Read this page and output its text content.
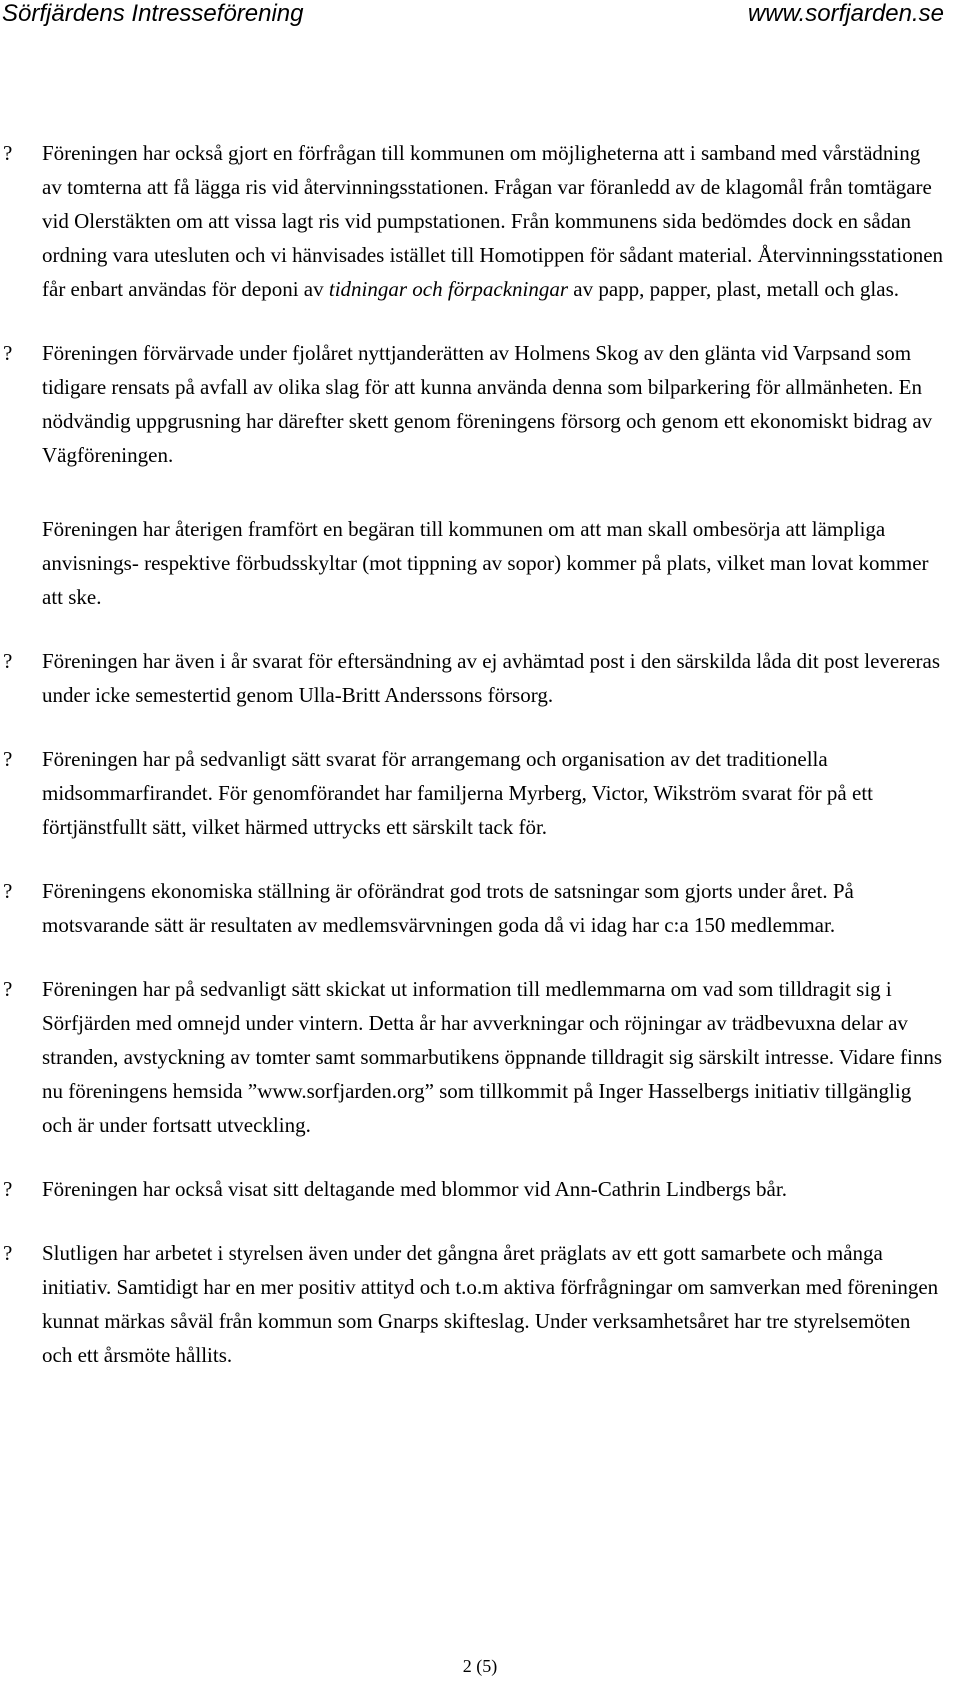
Sörfjärdens Intresseförening	www.sorfjarden.se
? Föreningen har också gjort en förfrågan till kommunen om möjligheterna att i samband med vårstädning av tomterna att få lägga ris vid återvinningsstationen. Frågan var föranledd av de klagomål från tomtägare vid Olerstäkten om att vissa lagt ris vid pumpstationen. Från kommunens sida bedömdes dock en sådan ordning vara utesluten och vi hänvisades istället till Homotippen för sådant material. Återvinningsstationen får enbart användas för deponi av tidningar och förpackningar av papp, papper, plast, metall och glas.

? Föreningen förvärvade under fjolåret nyttjanderätten av Holmens Skog av den glänta vid Varpsand som tidigare rensats på avfall av olika slag för att kunna använda denna som bilparkering för allmänheten. En nödvändig uppgrusning har därefter skett genom föreningens försorg och genom ett ekonomiskt bidrag av Vägföreningen.

Föreningen har återigen framfört en begäran till kommunen om att man skall ombesörja att lämpliga anvisnings- respektive förbudsskyltar (mot tippning av sopor) kommer på plats, vilket man lovat kommer att ske.

? Föreningen har även i år svarat för eftersändning av ej avhämtad post i den särskilda låda dit post levereras under icke semestertid genom Ulla-Britt Anderssons försorg.

? Föreningen har på sedvanligt sätt svarat för arrangemang och organisation av det traditionella midsommarfirandet. För genomförandet har familjerna Myrberg, Victor, Wikström svarat för på ett förtjänstfullt sätt, vilket härmed uttrycks ett särskilt tack för.

? Föreningens ekonomiska ställning är oförändrat god trots de satsningar som gjorts under året. På motsvarande sätt är resultaten av medlemsvärvningen goda då vi idag har c:a 150 medlemmar.

? Föreningen har på sedvanligt sätt skickat ut information till medlemmarna om vad som tilldragit sig i Sörfjärden med omnejd under vintern. Detta år har avverkningar och röjningar av trädbevuxna delar av stranden, avstyckning av tomter samt sommarbutikens öppnande tilldragit sig särskilt intresse. Vidare finns nu föreningens hemsida ”www.sorfjarden.org” som tillkommit på Inger Hasselbergs initiativ tillgänglig och är under fortsatt utveckling.

? Föreningen har också visat sitt deltagande med blommor vid Ann-Cathrin Lindbergs bår.

? Slutligen har arbetet i styrelsen även under det gångna året präglats av ett gott samarbete och många initiativ. Samtidigt har en mer positiv attityd och t.o.m aktiva förfrågningar om samverkan med föreningen kunnat märkas såväl från kommun som Gnarps skifteslag. Under verksamhetsåret har tre styrelsemöten och ett årsmöte hållits.

2 (5)
